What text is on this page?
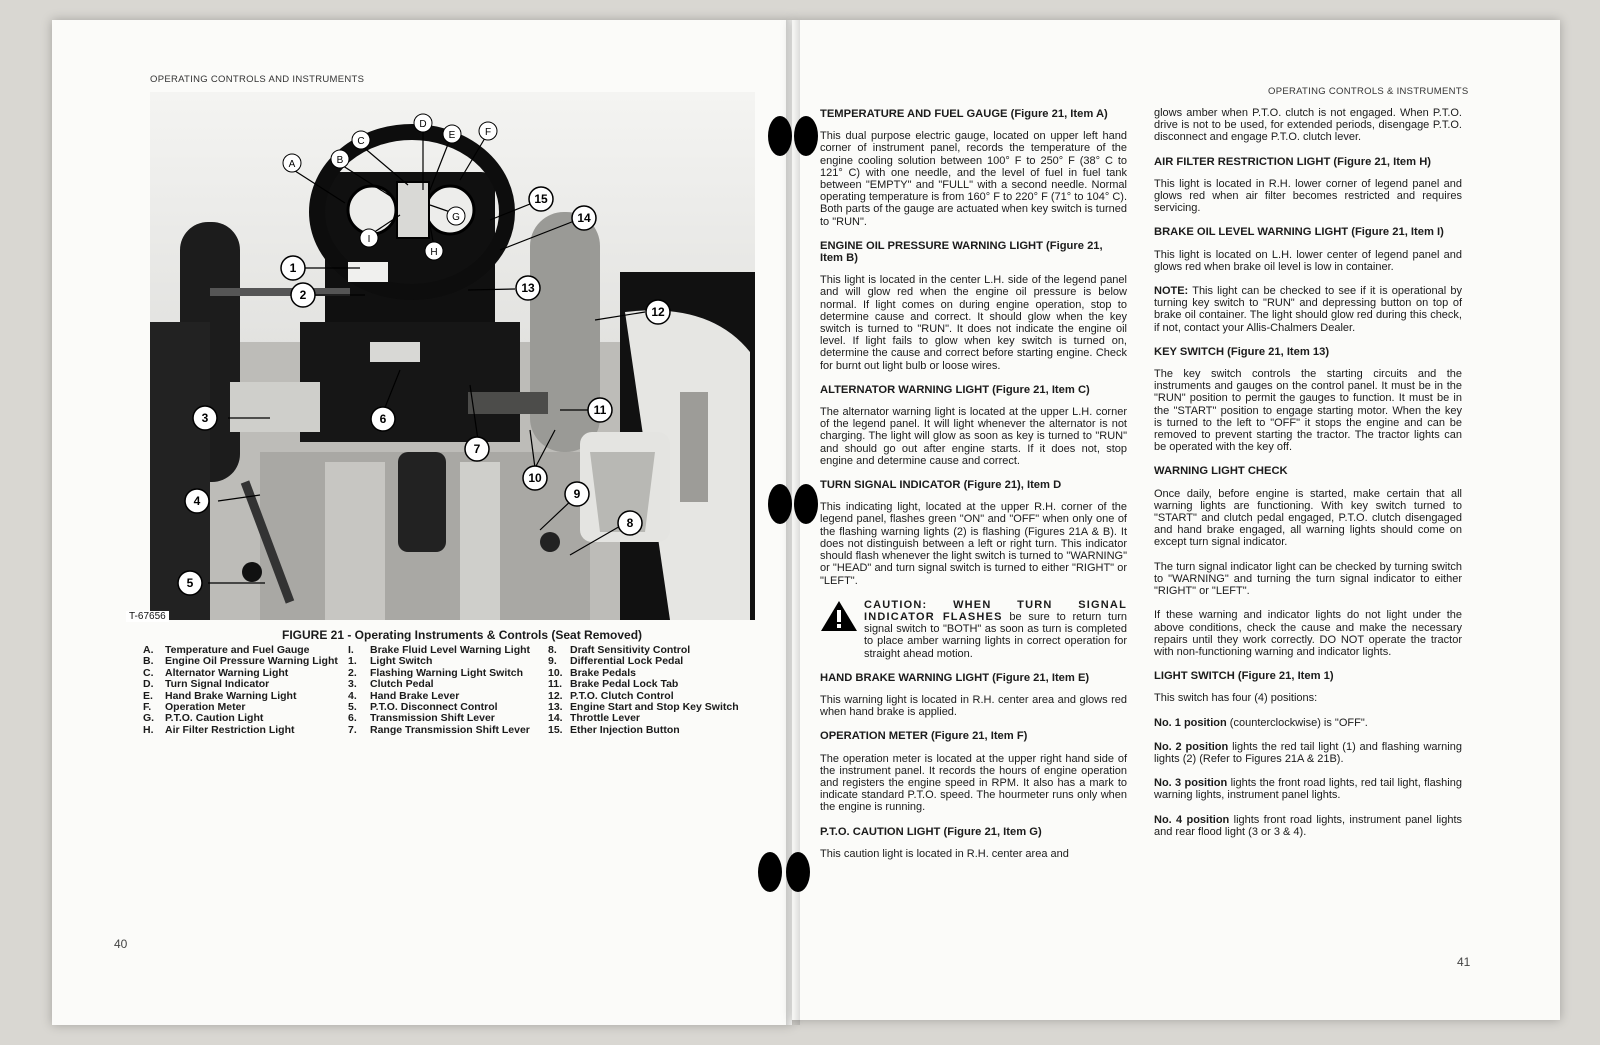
OPERATING CONTROLS AND INSTRUMENTS
T-67656
A	B
C
D
E	F
G
H
I
1
2
3
4
5
6
7
8
9
10
11
12
13
14
15
FIGURE 21 - Operating Instruments & Controls (Seat Removed)
A.	Temperature and Fuel Gauge
B.	Engine Oil Pressure Warning Light
C.	Alternator Warning Light
D.	Turn Signal Indicator
E.	Hand Brake Warning Light
F.	Operation Meter
G.	P.T.O. Caution Light
H.	Air Filter Restriction Light
I.	Brake Fluid Level Warning Light
1.	Light Switch
2.	Flashing Warning Light Switch
3.	Clutch Pedal
4.	Hand Brake Lever
5.	P.T.O. Disconnect Control
6.	Transmission Shift Lever
7.	Range Transmission Shift Lever
8.	Draft Sensitivity Control
9.	Differential Lock Pedal
10. Brake Pedals
11. Brake Pedal Lock Tab
12. P.T.O. Clutch Control
13. Engine Start and Stop Key Switch
14. Throttle Lever
15. Ether Injection Button
40
OPERATING CONTROLS & INSTRUMENTS
TEMPERATURE AND FUEL GAUGE (Figure 21, Item A)

This dual purpose electric gauge, located on upper left hand corner of instrument panel, records the temperature of the engine cooling solution between 100° F to 250° F (38° C to 121° C) with one needle, and the level of fuel in fuel tank between "EMPTY" and "FULL" with a second needle. Normal operating temperature is from 160° F to 220° F (71° to 104° C). Both parts of the gauge are actuated when key switch is turned to "RUN".

ENGINE OIL PRESSURE WARNING LIGHT (Figure 21, Item B)

This light is located in the center L.H. side of the legend panel and will glow red when the engine oil pressure is below normal. If light comes on during engine operation, stop to determine cause and correct. It should glow when the key switch is turned to "RUN". It does not indicate the engine oil level. If light fails to glow when key switch is turned on, determine the cause and correct before starting engine. Check for burnt out light bulb or loose wires.

ALTERNATOR WARNING LIGHT (Figure 21, Item C)

The alternator warning light is located at the upper L.H. corner of the legend panel. It will light whenever the alternator is not charging. The light will glow as soon as key is turned to "RUN" and should go out after engine starts. If it does not, stop engine and determine cause and correct.

TURN SIGNAL INDICATOR (Figure 21), Item D

This indicating light, located at the upper R.H. corner of the legend panel, flashes green "ON" and "OFF" when only one of the flashing warning lights (2) is flashing (Figures 21A & B). It does not distinguish between a left or right turn. This indicator should flash whenever the light switch is turned to "WARNING" or "HEAD" and turn signal switch is turned to either "RIGHT" or "LEFT".

CAUTION: WHEN TURN SIGNAL INDICATOR FLASHES be sure to return turn signal switch to "BOTH" as soon as turn is completed to place amber warning lights in correct operation for straight ahead motion.
HAND BRAKE WARNING LIGHT (Figure 21, Item E)

This warning light is located in R.H. center area and glows red when hand brake is applied.

OPERATION METER (Figure 21, Item F)

The operation meter is located at the upper right hand side of the instrument panel. It records the hours of engine operation and registers the engine speed in RPM. It also has a mark to indicate standard P.T.O. speed. The hourmeter runs only when the engine is running.

P.T.O. CAUTION LIGHT (Figure 21, Item G)

This caution light is located in R.H. center area and

glows amber when P.T.O. clutch is not engaged. When P.T.O. drive is not to be used, for extended periods, disengage P.T.O. disconnect and engage P.T.O. clutch lever.

AIR FILTER RESTRICTION LIGHT (Figure 21, Item H)

This light is located in R.H. lower corner of legend panel and glows red when air filter becomes restricted and requires servicing.

BRAKE OIL LEVEL WARNING LIGHT (Figure 21, Item I)

This light is located on L.H. lower center of legend panel and glows red when brake oil level is low in container.

NOTE: This light can be checked to see if it is operational by turning key switch to "RUN" and depressing button on top of brake oil container. The light should glow red during this check, if not, contact your Allis-Chalmers Dealer.

KEY SWITCH (Figure 21, Item 13)

The key switch controls the starting circuits and the instruments and gauges on the control panel. It must be in the "RUN" position to permit the gauges to function. It must be in the "START" position to engage starting motor. When the key is turned to the left to "OFF" it stops the engine and can be removed to prevent starting the tractor. The tractor lights can be operated with the key off.

WARNING LIGHT CHECK

Once daily, before engine is started, make certain that all warning lights are functioning. With key switch turned to "START" and clutch pedal engaged, P.T.O. clutch disengaged and hand brake engaged, all warning lights should come on except turn signal indicator.

The turn signal indicator light can be checked by turning switch to "WARNING" and turning the turn signal indicator to either "RIGHT" or "LEFT".

If these warning and indicator lights do not light under the above conditions, check the cause and make the necessary repairs until they work correctly. DO NOT operate the tractor with non-functioning warning and indicator lights.

LIGHT SWITCH (Figure 21, Item 1)

This switch has four (4) positions:

No. 1 position (counterclockwise) is "OFF".

No. 2 position lights the red tail light (1) and flashing warning lights (2) (Refer to Figures 21A & 21B).

No. 3 position lights the front road lights, red tail light, flashing warning lights, instrument panel lights.

No. 4 position lights front road lights, instrument panel lights and rear flood light (3 or 3 & 4).

41
